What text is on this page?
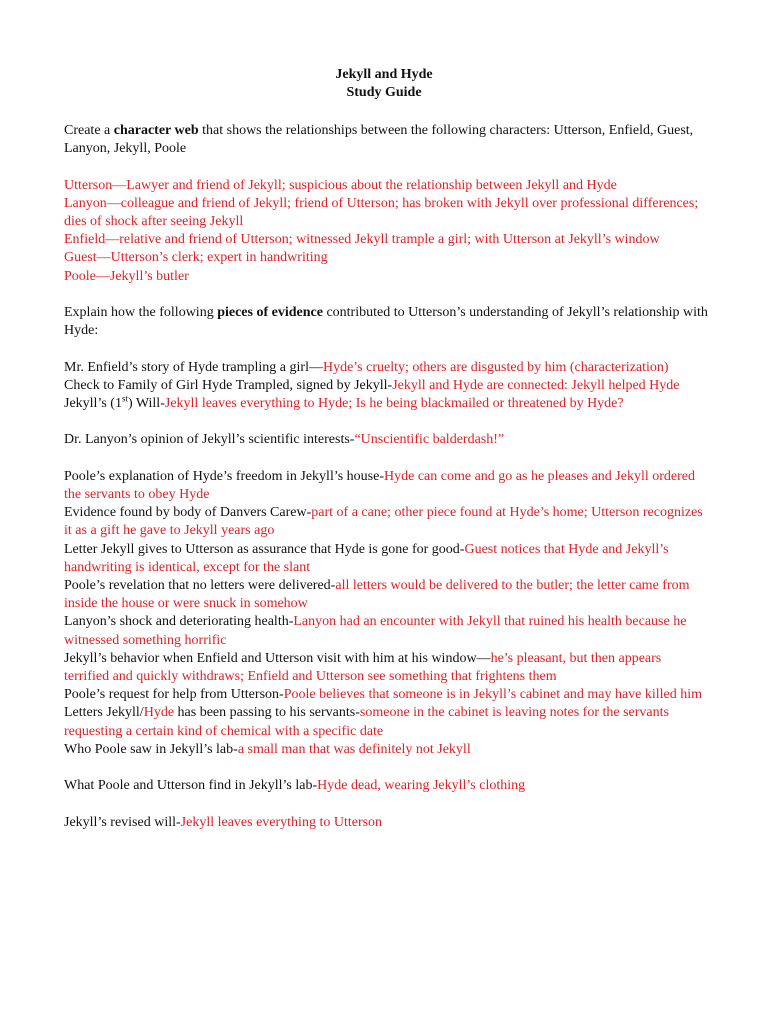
Jekyll and Hyde
Study Guide

Create a character web that shows the relationships between the following characters: Utterson, Enfield, Guest, Lanyon, Jekyll, Poole

Utterson—Lawyer and friend of Jekyll; suspicious about the relationship between Jekyll and Hyde

Lanyon—colleague and friend of Jekyll; friend of Utterson; has broken with Jekyll over professional differences; dies of shock after seeing Jekyll

Enfield—relative and friend of Utterson; witnessed Jekyll trample a girl; with Utterson at Jekyll’s window

Guest—Utterson’s clerk; expert in handwriting

Poole—Jekyll’s butler

Explain how the following pieces of evidence contributed to Utterson’s understanding of Jekyll’s relationship with Hyde:

Mr. Enfield’s story of Hyde trampling a girl—Hyde’s cruelty; others are disgusted by him (characterization)

Check to Family of Girl Hyde Trampled, signed by Jekyll-Jekyll and Hyde are connected: Jekyll helped Hyde

Jekyll’s (1st) Will-Jekyll leaves everything to Hyde; Is he being blackmailed or threatened by Hyde?

Dr. Lanyon’s opinion of Jekyll’s scientific interests-“Unscientific balderdash!”

Poole’s explanation of Hyde’s freedom in Jekyll’s house-Hyde can come and go as he pleases and Jekyll ordered the servants to obey Hyde

Evidence found by body of Danvers Carew-part of a cane; other piece found at Hyde’s home; Utterson recognizes it as a gift he gave to Jekyll years ago

Letter Jekyll gives to Utterson as assurance that Hyde is gone for good-Guest notices that Hyde and Jekyll’s handwriting is identical, except for the slant

Poole’s revelation that no letters were delivered-all letters would be delivered to the butler; the letter came from inside the house or were snuck in somehow

Lanyon’s shock and deteriorating health-Lanyon had an encounter with Jekyll that ruined his health because he witnessed something horrific

Jekyll’s behavior when Enfield and Utterson visit with him at his window—he’s pleasant, but then appears terrified and quickly withdraws; Enfield and Utterson see something that frightens them

Poole’s request for help from Utterson-Poole believes that someone is in Jekyll’s cabinet and may have killed him

Letters Jekyll/Hyde has been passing to his servants-someone in the cabinet is leaving notes for the servants requesting a certain kind of chemical with a specific date

Who Poole saw in Jekyll’s lab-a small man that was definitely not Jekyll

What Poole and Utterson find in Jekyll’s lab-Hyde dead, wearing Jekyll’s clothing

Jekyll’s revised will-Jekyll leaves everything to Utterson
